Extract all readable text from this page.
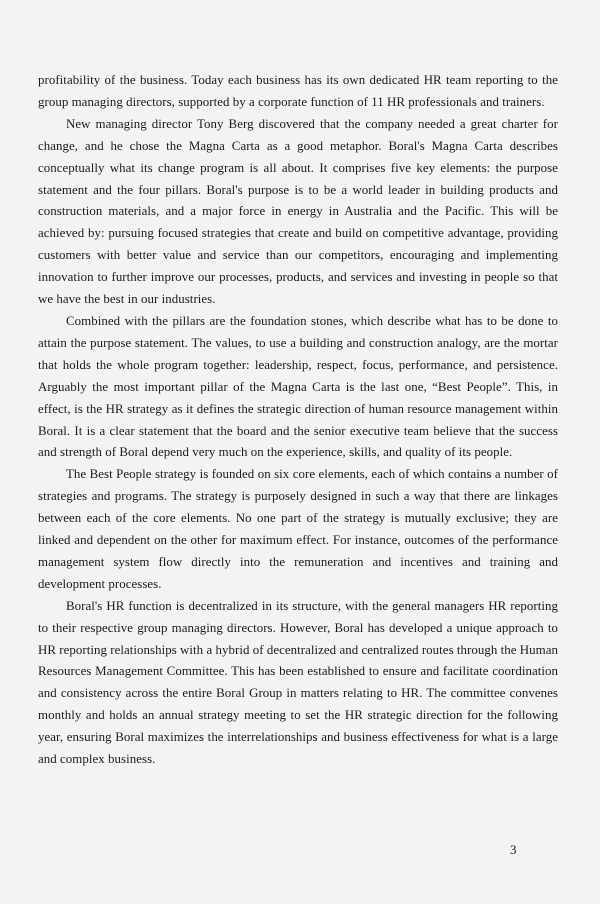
profitability of the business. Today each business has its own dedicated HR team reporting to the group managing directors, supported by a corporate function of 11 HR professionals and trainers.

New managing director Tony Berg discovered that the company needed a great charter for change, and he chose the Magna Carta as a good metaphor. Boral's Magna Carta describes conceptually what its change program is all about. It comprises five key elements: the purpose statement and the four pillars. Boral's purpose is to be a world leader in building products and construction materials, and a major force in energy in Australia and the Pacific. This will be achieved by: pursuing focused strategies that create and build on competitive advantage, providing customers with better value and service than our competitors, encouraging and implementing innovation to further improve our processes, products, and services and investing in people so that we have the best in our industries.

Combined with the pillars are the foundation stones, which describe what has to be done to attain the purpose statement. The values, to use a building and construction analogy, are the mortar that holds the whole program together: leadership, respect, focus, performance, and persistence. Arguably the most important pillar of the Magna Carta is the last one, “Best People”. This, in effect, is the HR strategy as it defines the strategic direction of human resource management within Boral. It is a clear statement that the board and the senior executive team believe that the success and strength of Boral depend very much on the experience, skills, and quality of its people.

The Best People strategy is founded on six core elements, each of which contains a number of strategies and programs. The strategy is purposely designed in such a way that there are linkages between each of the core elements. No one part of the strategy is mutually exclusive; they are linked and dependent on the other for maximum effect. For instance, outcomes of the performance management system flow directly into the remuneration and incentives and training and development processes.

Boral's HR function is decentralized in its structure, with the general managers HR reporting to their respective group managing directors. However, Boral has developed a unique approach to HR reporting relationships with a hybrid of decentralized and centralized routes through the Human Resources Management Committee. This has been established to ensure and facilitate coordination and consistency across the entire Boral Group in matters relating to HR. The committee convenes monthly and holds an annual strategy meeting to set the HR strategic direction for the following year, ensuring Boral maximizes the interrelationships and business effectiveness for what is a large and complex business.

3
